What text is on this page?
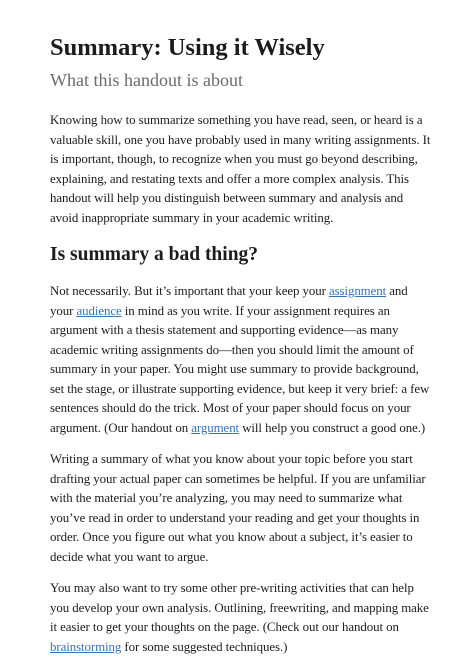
Summary: Using it Wisely
What this handout is about

Knowing how to summarize something you have read, seen, or heard is a
valuable skill, one you have probably used in many writing assignments. It
is important, though, to recognize when you must go beyond describing,
explaining, and restating texts and offer a more complex analysis. This
handout will help you distinguish between summary and analysis and
avoid inappropriate summary in your academic writing.

Is summary a bad thing?

Not necessarily. But it’s important that your keep your assignment and
your audience in mind as you write. If your assignment requires an
argument with a thesis statement and supporting evidence—as many
academic writing assignments do—then you should limit the amount of
summary in your paper. You might use summary to provide background,
set the stage, or illustrate supporting evidence, but keep it very brief: a few
sentences should do the trick. Most of your paper should focus on your
argument. (Our handout on argument will help you construct a good one.)

Writing a summary of what you know about your topic before you start
drafting your actual paper can sometimes be helpful. If you are unfamiliar
with the material you’re analyzing, you may need to summarize what
you’ve read in order to understand your reading and get your thoughts in
order. Once you figure out what you know about a subject, it’s easier to
decide what you want to argue.

You may also want to try some other pre-writing activities that can help
you develop your own analysis. Outlining, freewriting, and mapping make
it easier to get your thoughts on the page. (Check out our handout on
brainstorming for some suggested techniques.)
